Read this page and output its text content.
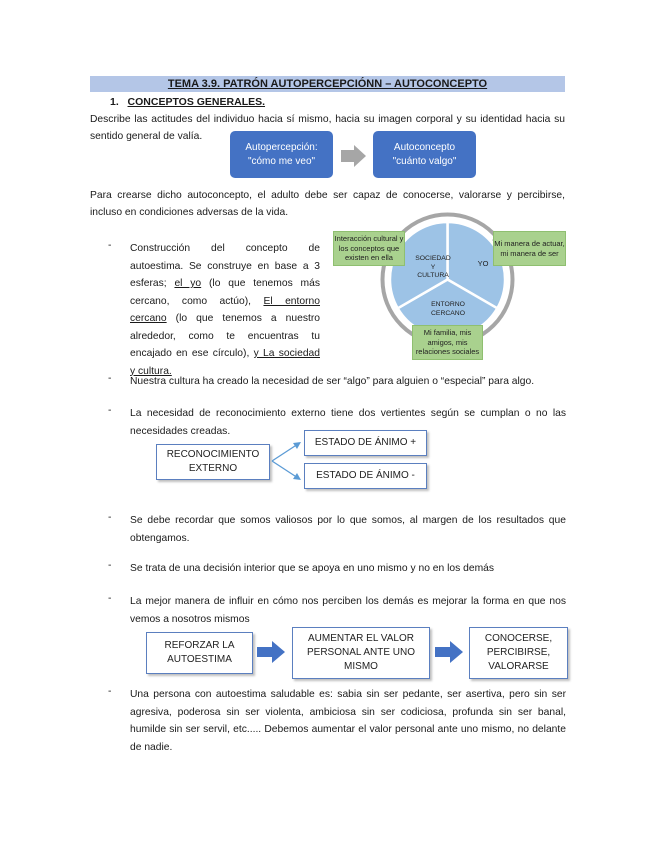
TEMA 3.9. PATRÓN AUTOPERCEPCIÓNN – AUTOCONCEPTO
1. CONCEPTOS GENERALES.
Describe las actitudes del individuo hacia sí mismo, hacia su imagen corporal y su identidad hacia su sentido general de valía.
Autopercepción:
"cómo me veo"
Autoconcepto
"cuánto valgo"
Para crearse dicho autoconcepto, el adulto debe ser capaz de conocerse, valorarse y percibirse, incluso en condiciones adversas de la vida.
- Construcción del concepto de
autoestima. Se construye en base a 3
esferas; el yo (lo que tenemos más
cercano, como actúo), El entorno
cercano (lo que tenemos a nuestro
alrededor, como te encuentras tu
encajado en ese círculo), y La sociedad
y cultura.
SOCIEDAD
Y
CULTURA
YO
ENTORNO
CERCANO
Interacción cultural y los conceptos que existen en ella
Mi manera de actuar, mi manera de ser
Mi familia, mis amigos, mis relaciones sociales
- Nuestra cultura ha creado la necesidad de ser “algo” para alguien o “especial” para algo.
- La necesidad de reconocimiento externo tiene dos vertientes según se cumplan o no las necesidades creadas.
RECONOCIMIENTO
EXTERNO
ESTADO DE ÁNIMO +
ESTADO DE ÁNIMO -
- Se debe recordar que somos valiosos por lo que somos, al margen de los resultados que obtengamos.
- Se trata de una decisión interior que se apoya en uno mismo y no en los demás
- La mejor manera de influir en cómo nos perciben los demás es mejorar la forma en que nos vemos a nosotros mismos
REFORZAR LA
AUTOESTIMA
AUMENTAR EL VALOR
PERSONAL ANTE UNO
MISMO
CONOCERSE,
PERCIBIRSE,
VALORARSE
- Una persona con autoestima saludable es: sabia sin ser pedante, ser asertiva, pero sin ser agresiva, poderosa sin ser violenta, ambiciosa sin ser codiciosa, profunda sin ser banal, humilde sin ser servil, etc..... Debemos aumentar el valor personal ante uno mismo, no delante de nadie.
